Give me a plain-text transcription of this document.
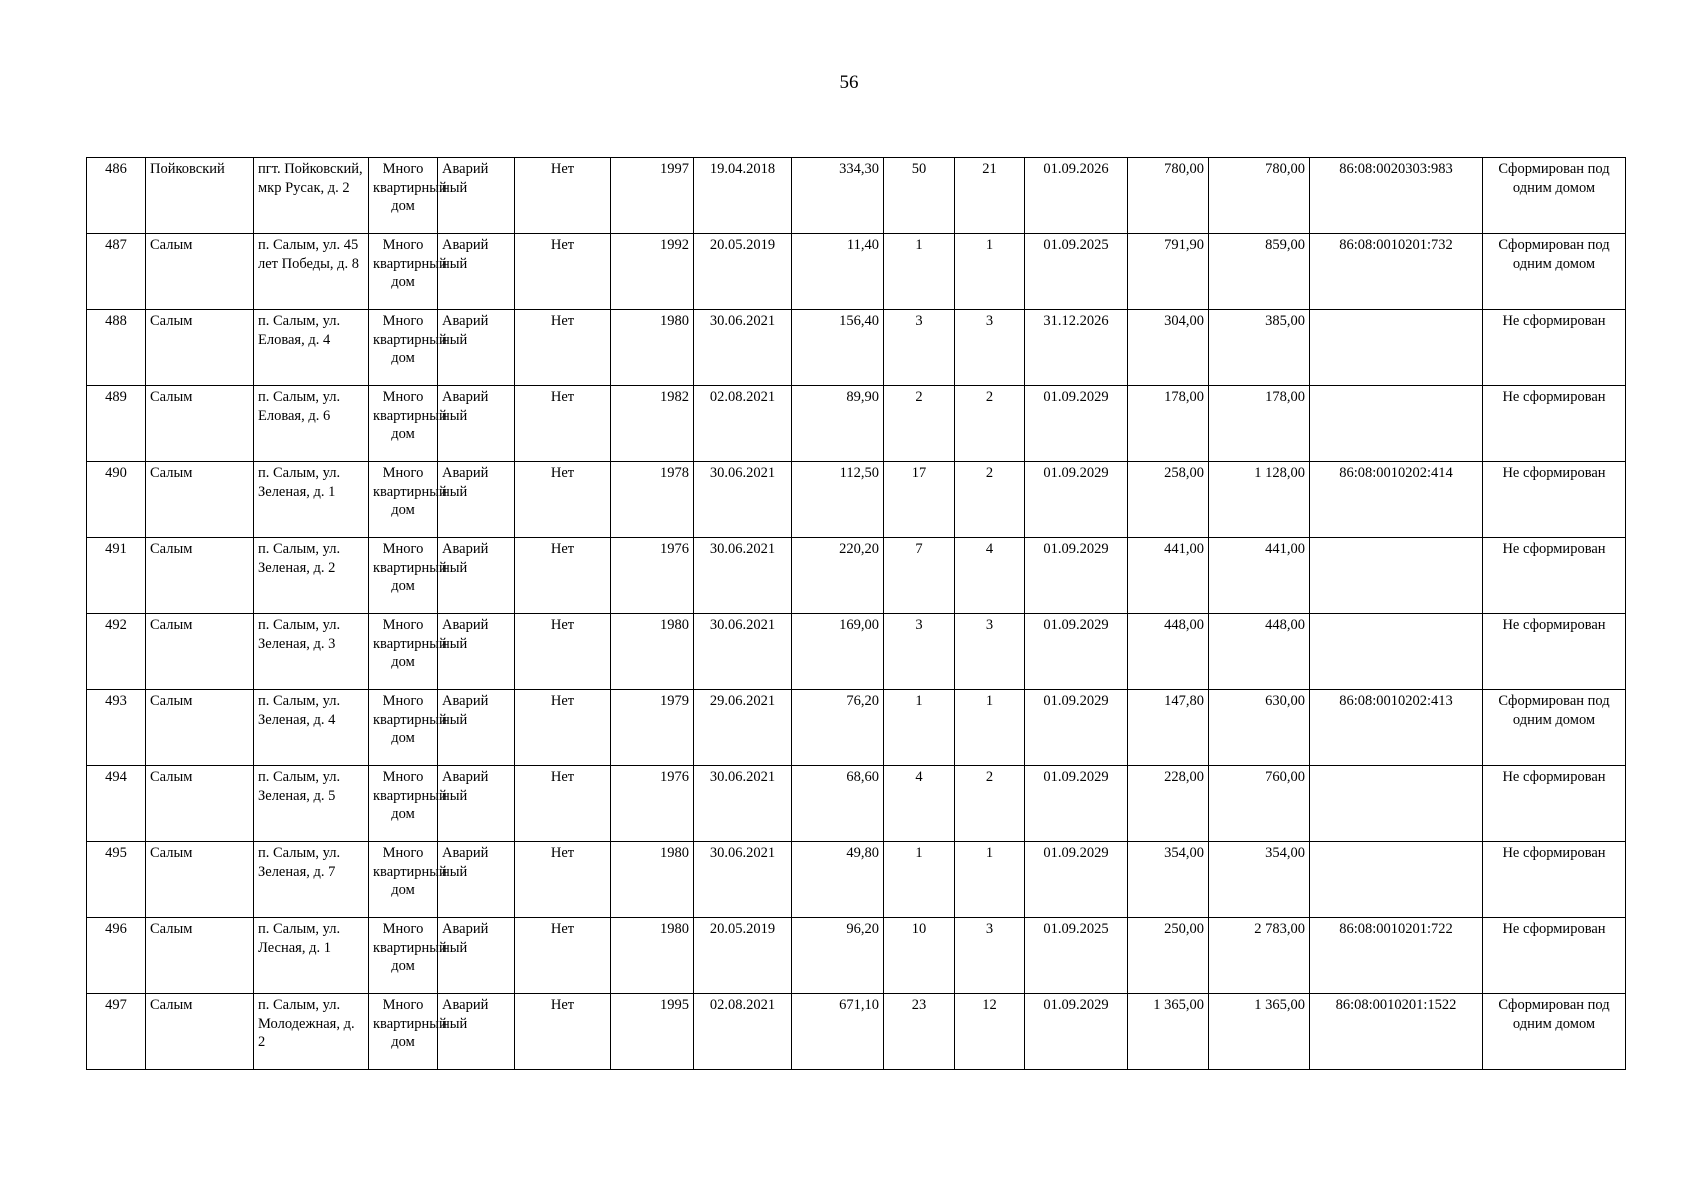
56
486	Пойковский	пгт. Пойковский, мкр Русак, д. 2	Много квартирный дом	Аварий ный	Нет	1997	19.04.2018	334,30	50	21	01.09.2026	780,00	780,00	86:08:0020303:983	Сформирован под одним домом
487	Салым	п. Салым, ул. 45 лет Победы, д. 8	Много квартирный дом	Аварий ный	Нет	1992	20.05.2019	11,40	1	1	01.09.2025	791,90	859,00	86:08:0010201:732	Сформирован под одним домом
488	Салым	п. Салым, ул. Еловая, д. 4	Много квартирный дом	Аварий ный	Нет	1980	30.06.2021	156,40	3	3	31.12.2026	304,00	385,00		Не сформирован
489	Салым	п. Салым, ул. Еловая, д. 6	Много квартирный дом	Аварий ный	Нет	1982	02.08.2021	89,90	2	2	01.09.2029	178,00	178,00		Не сформирован
490	Салым	п. Салым, ул. Зеленая, д. 1	Много квартирный дом	Аварий ный	Нет	1978	30.06.2021	112,50	17	2	01.09.2029	258,00	1 128,00	86:08:0010202:414	Не сформирован
491	Салым	п. Салым, ул. Зеленая, д. 2	Много квартирный дом	Аварий ный	Нет	1976	30.06.2021	220,20	7	4	01.09.2029	441,00	441,00		Не сформирован
492	Салым	п. Салым, ул. Зеленая, д. 3	Много квартирный дом	Аварий ный	Нет	1980	30.06.2021	169,00	3	3	01.09.2029	448,00	448,00		Не сформирован
493	Салым	п. Салым, ул. Зеленая, д. 4	Много квартирный дом	Аварий ный	Нет	1979	29.06.2021	76,20	1	1	01.09.2029	147,80	630,00	86:08:0010202:413	Сформирован под одним домом
494	Салым	п. Салым, ул. Зеленая, д. 5	Много квартирный дом	Аварий ный	Нет	1976	30.06.2021	68,60	4	2	01.09.2029	228,00	760,00		Не сформирован
495	Салым	п. Салым, ул. Зеленая, д. 7	Много квартирный дом	Аварий ный	Нет	1980	30.06.2021	49,80	1	1	01.09.2029	354,00	354,00		Не сформирован
496	Салым	п. Салым, ул. Лесная, д. 1	Много квартирный дом	Аварий ный	Нет	1980	20.05.2019	96,20	10	3	01.09.2025	250,00	2 783,00	86:08:0010201:722	Не сформирован
497	Салым	п. Салым, ул. Молодежная, д. 2	Много квартирный дом	Аварий ный	Нет	1995	02.08.2021	671,10	23	12	01.09.2029	1 365,00	1 365,00	86:08:0010201:1522	Сформирован под одним домом
